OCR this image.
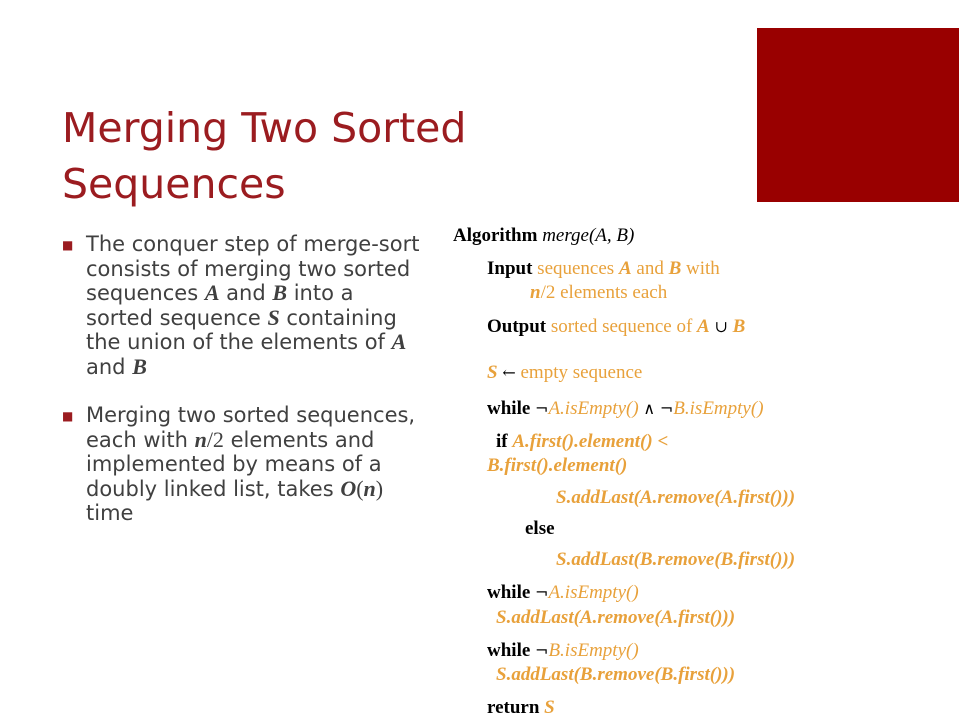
Merging Two Sorted Sequences
■ The conquer step of merge-sort consists of merging two sorted sequences A and B into a sorted sequence S containing the union of the elements of A and B
■ Merging two sorted sequences, each with n/2 elements and implemented by means of a doubly linked list, takes O(n) time
Algorithm merge(A, B)
Input sequences A and B with
n/2 elements each
Output sorted sequence of A ∪ B
S ← empty sequence
while ¬A.isEmpty() ∧ ¬B.isEmpty()
if A.first().element() <
B.first().element()
S.addLast(A.remove(A.first()))
else
S.addLast(B.remove(B.first()))
while ¬A.isEmpty()
S.addLast(A.remove(A.first()))
while ¬B.isEmpty()
S.addLast(B.remove(B.first()))
return S
